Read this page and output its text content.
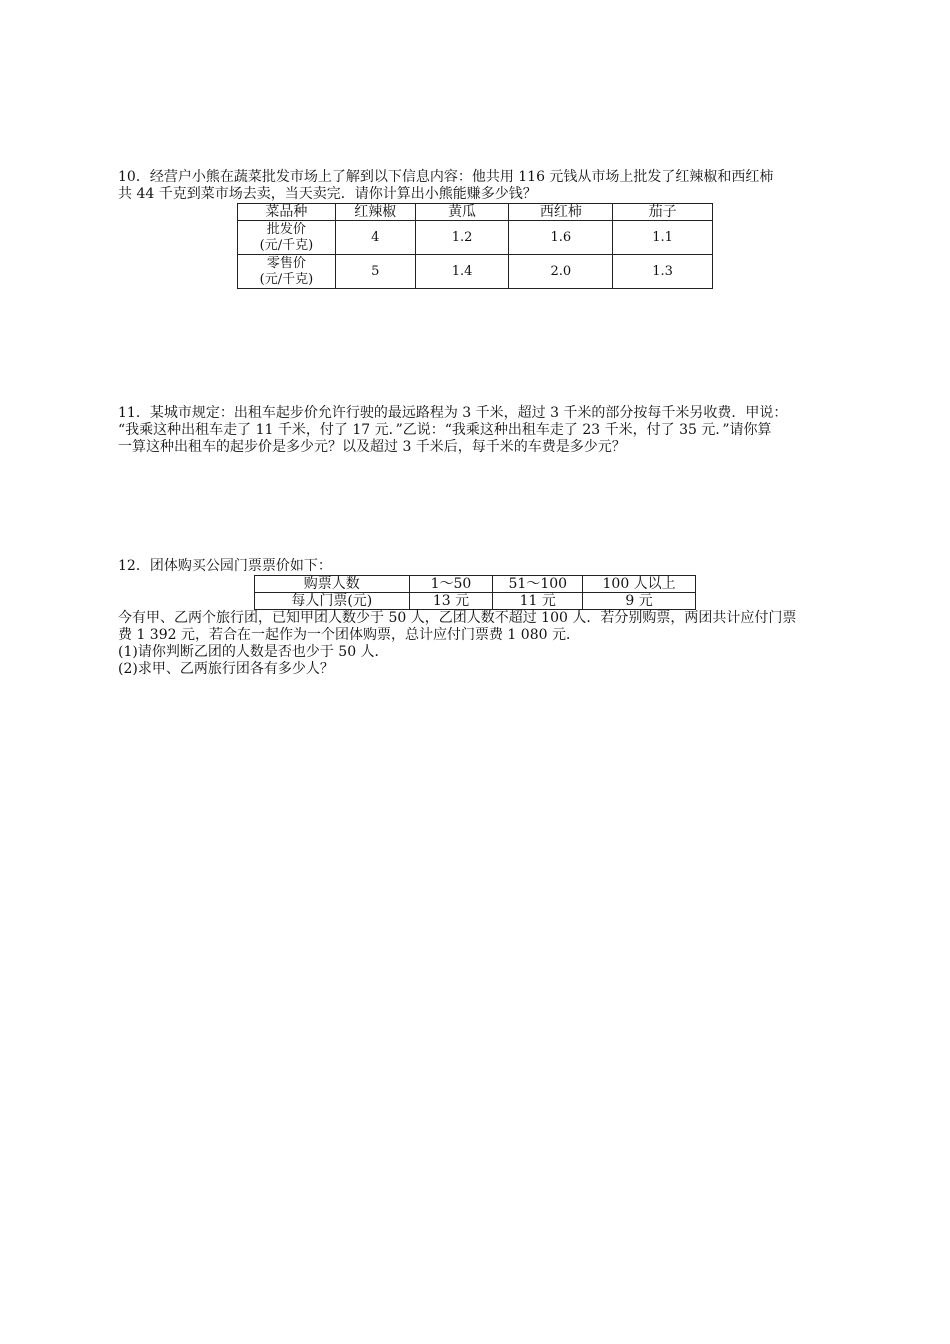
10．经营户小熊在蔬菜批发市场上了解到以下信息内容：他共用 116 元钱从市场上批发了红辣椒和西红柿
共 44 千克到菜市场去卖，当天卖完．请你计算出小熊能赚多少钱？
菜品种	红辣椒	黄瓜	西红柿	茄子

批发价
(元/千克)	4	1.2	1.6	1.1

零售价
(元/千克)	5	1.4	2.0	1.3
11．某城市规定：出租车起步价允许行驶的最远路程为 3 千米，超过 3 千米的部分按每千米另收费．甲说：
“我乘这种出租车走了 11 千米，付了 17 元．”乙说：“我乘这种出租车走了 23 千米，付了 35 元．”请你算
一算这种出租车的起步价是多少元？以及超过 3 千米后，每千米的车费是多少元？
12．团体购买公园门票票价如下：
购票人数	1～50	51～100	100 人以上
每人门票(元)	13 元	11 元	9 元
今有甲、乙两个旅行团，已知甲团人数少于 50 人，乙团人数不超过 100 人．若分别购票，两团共计应付门票
费 1 392 元，若合在一起作为一个团体购票，总计应付门票费 1 080 元．
(1)请你判断乙团的人数是否也少于 50 人．
(2)求甲、乙两旅行团各有多少人？
